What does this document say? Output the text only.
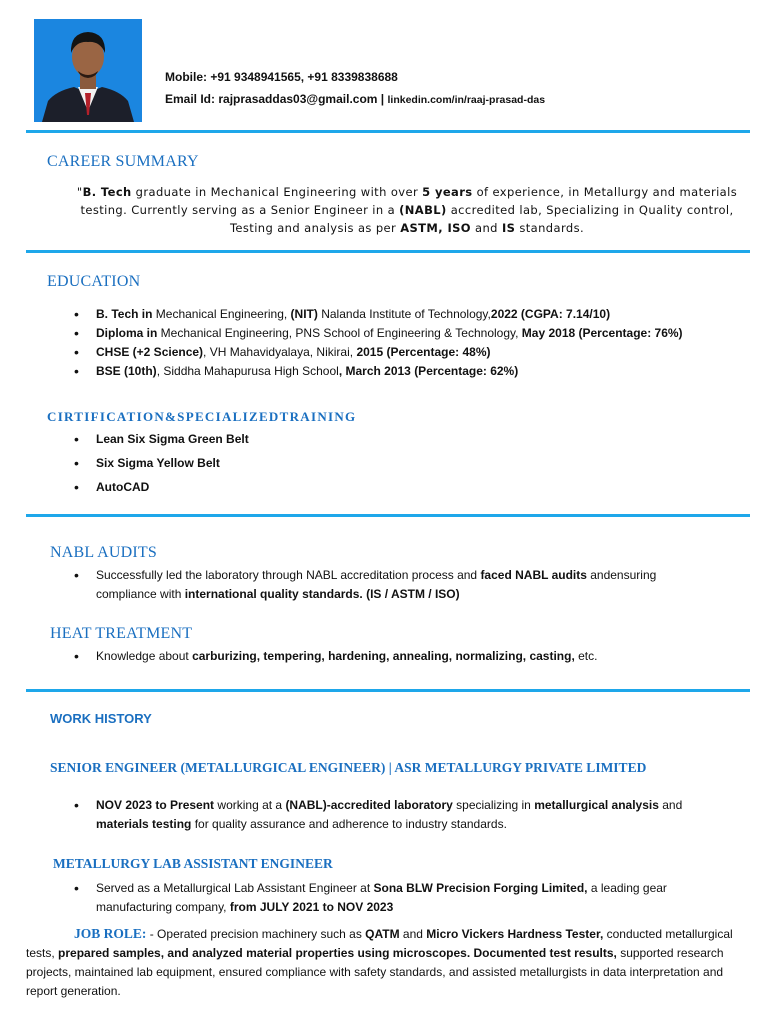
Mobile: +91 9348941565, +91 8339838688
Email Id: rajprasaddas03@gmail.com | linkedin.com/in/raaj-prasad-das
CAREER SUMMARY
"B. Tech graduate in Mechanical Engineering with over 5 years of experience, in Metallurgy and materials testing. Currently serving as a Senior Engineer in a (NABL) accredited lab, Specializing in Quality control, Testing and analysis as per ASTM, ISO and IS standards.
EDUCATION
• B. Tech in Mechanical Engineering, (NIT) Nalanda Institute of Technology,2022 (CGPA: 7.14/10)
• Diploma in Mechanical Engineering, PNS School of Engineering & Technology, May 2018 (Percentage: 76%)
• CHSE (+2 Science), VH Mahavidyalaya, Nikirai, 2015 (Percentage: 48%)
• BSE (10th), Siddha Mahapurusa High School, March 2013 (Percentage: 62%)
CIRTIFICATION&SPECIALIZEDTRAINING
• Lean Six Sigma Green Belt
• Six Sigma Yellow Belt
• AutoCAD
NABL AUDITS
• Successfully led the laboratory through NABL accreditation process and faced NABL audits andensuring compliance with international quality standards. (IS / ASTM / ISO)
HEAT TREATMENT
• Knowledge about carburizing, tempering, hardening, annealing, normalizing, casting, etc.
WORK HISTORY
SENIOR ENGINEER (METALLURGICAL ENGINEER) | ASR METALLURGY PRIVATE LIMITED
• NOV 2023 to Present working at a (NABL)-accredited laboratory specializing in metallurgical analysis and materials testing for quality assurance and adherence to industry standards.
METALLURGY LAB ASSISTANT ENGINEER
• Served as a Metallurgical Lab Assistant Engineer at Sona BLW Precision Forging Limited, a leading gear manufacturing company, from JULY 2021 to NOV 2023
JOB ROLE: - Operated precision machinery such as QATM and Micro Vickers Hardness Tester, conducted metallurgical tests, prepared samples, and analyzed material properties using microscopes. Documented test results, supported research projects, maintained lab equipment, ensured compliance with safety standards, and assisted metallurgists in data interpretation and report generation.
